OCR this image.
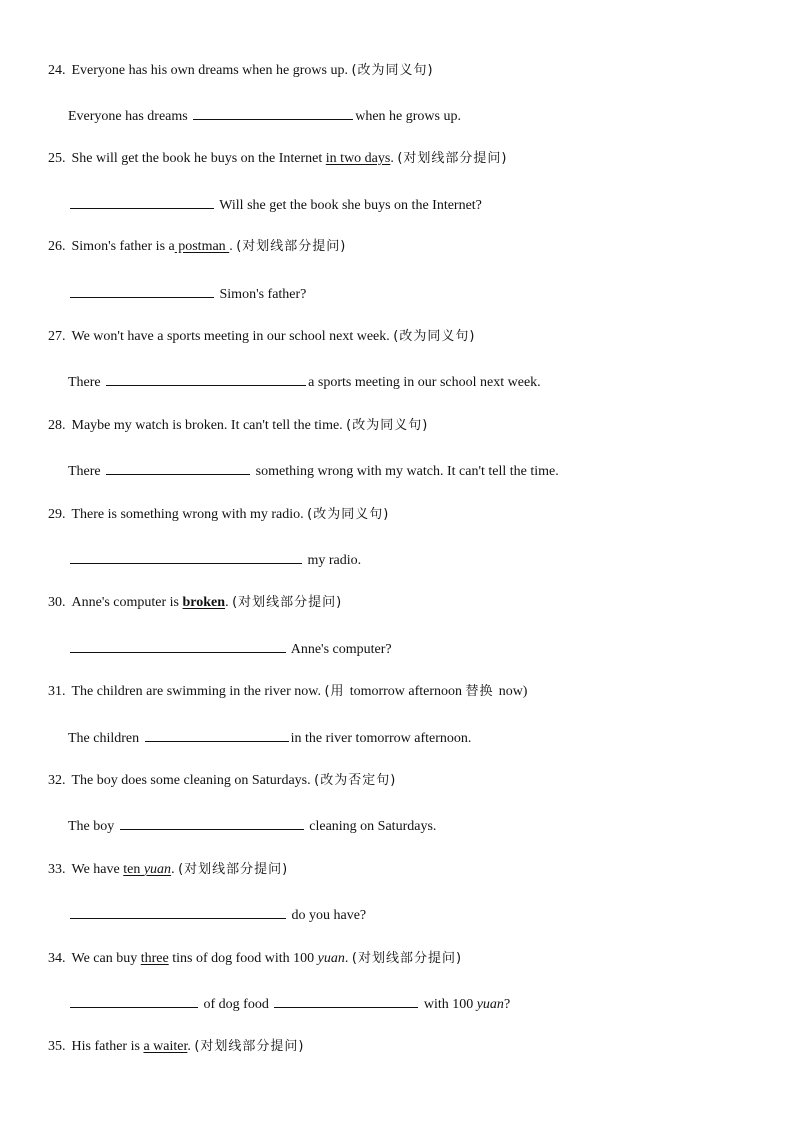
24. Everyone has his own dreams when he grows up. (改为同义句)
Everyone has dreams	when he grows up.
25. She will get the book he buys on the Internet in two days. (对划线部分提问)
Will she get the book she buys on the Internet?
26. Simon's father is a postman . (对划线部分提问)
Simon's father?
27. We won't have a sports meeting in our school next week. (改为同义句)
There	a sports meeting in our school next week.
28. Maybe my watch is broken. It can't tell the time. (改为同义句)
There	something wrong with my watch. It can't tell the time.
29. There is something wrong with my radio. (改为同义句)
my radio.
30. Anne's computer is broken. (对划线部分提问)
Anne's computer?
31. The children are swimming in the river now. (用 tomorrow afternoon 替换 now)
The children	in the river tomorrow afternoon.
32. The boy does some cleaning on Saturdays. (改为否定句)
The boy	cleaning on Saturdays.
33. We have ten yuan. (对划线部分提问)
do you have?
34. We can buy three tins of dog food with 100 yuan. (对划线部分提问)
of dog food	with 100 yuan?
35. His father is a waiter. (对划线部分提问)
